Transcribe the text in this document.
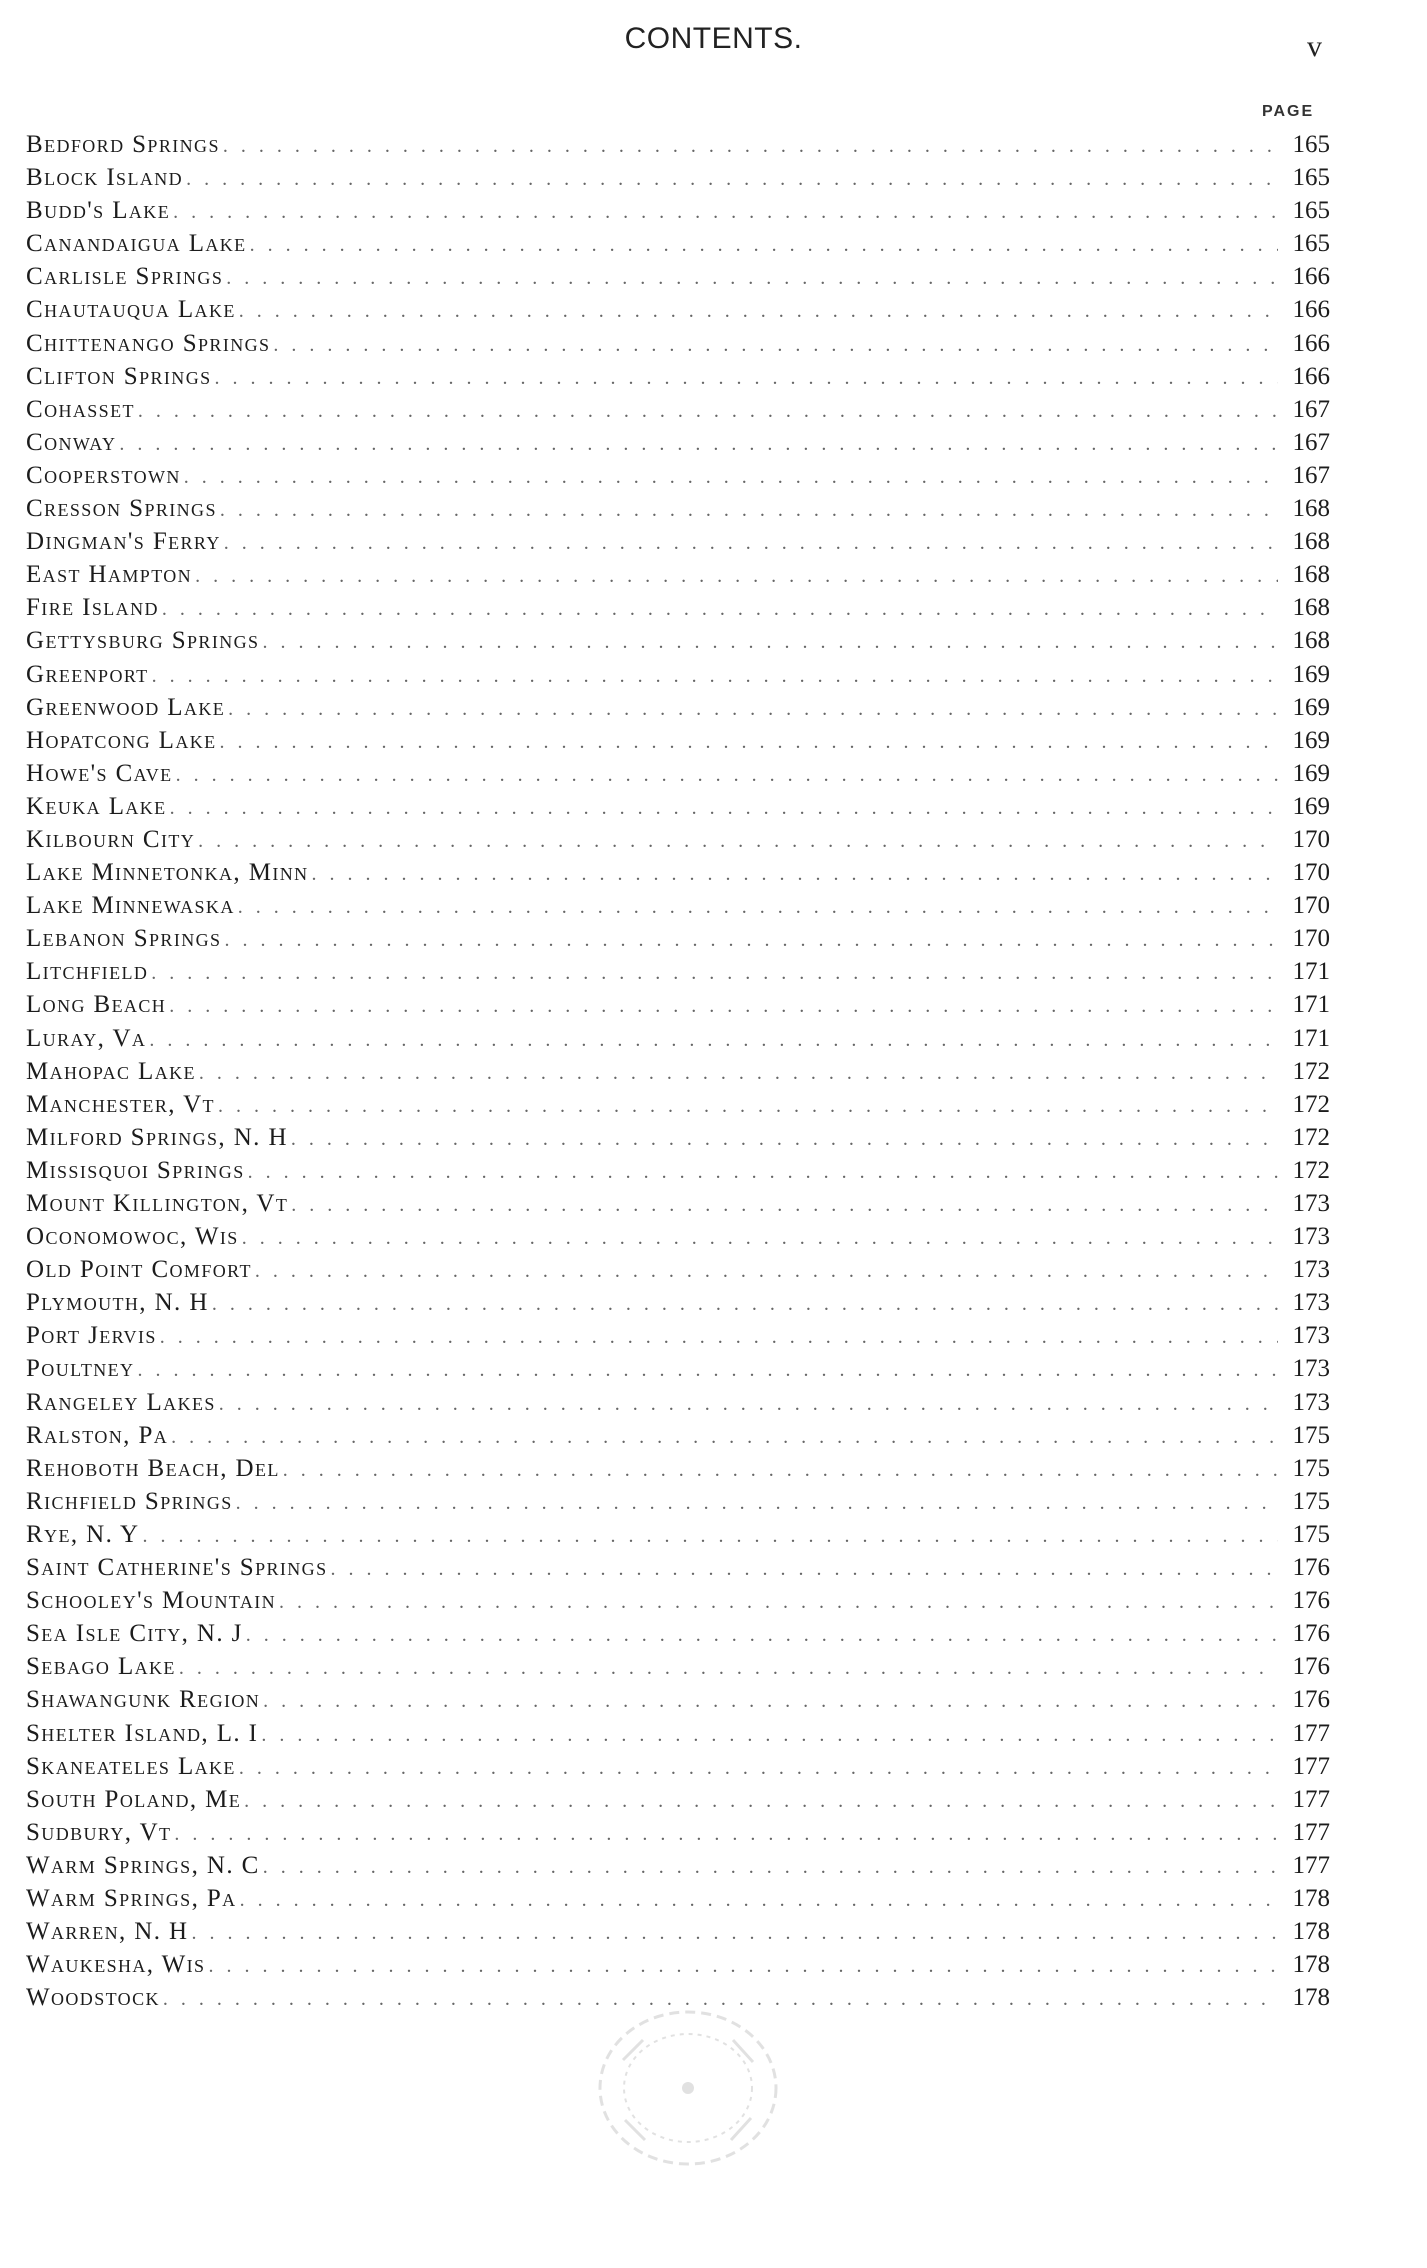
CONTENTS.	v
PAGE
Bedford Springs . . .	165
Block Island . . .	165
Budd's Lake . . .	165
Canandaigua Lake . . .	165
Carlisle Springs . . .	166
Chautauqua Lake . . .	166
Chittenango Springs . . .	166
Clifton Springs . . .	166
Cohasset . . .	167
Conway . . .	167
Cooperstown . . .	167
Cresson Springs . . .	168
Dingman's Ferry . . .	168
East Hampton . . .	168
Fire Island . . .	168
Gettysburg Springs . . .	168
Greenport . . .	169
Greenwood Lake . . .	169
Hopatcong Lake . . .	169
Howe's Cave . . .	169
Keuka Lake . . .	169
Kilbourn City . . .	170
Lake Minnetonka, Minn . . .	170
Lake Minnewaska . . .	170
Lebanon Springs . . .	170
Litchfield . . .	171
Long Beach . . .	171
Luray, Va . . .	171
Mahopac Lake . . .	172
Manchester, Vt . . .	172
Milford Springs, N. H . . .	172
Missisquoi Springs . . .	172
Mount Killington, Vt . . .	173
Oconomowoc, Wis . . .	173
Old Point Comfort . . .	173
Plymouth, N. H . . .	173
Port Jervis . . .	173
Poultney . . .	173
Rangeley Lakes . . .	173
Ralston, Pa . . .	175
Rehoboth Beach, Del . . .	175
Richfield Springs . . .	175
Rye, N. Y . . .	175
Saint Catherine's Springs . . .	176
Schooley's Mountain . . .	176
Sea Isle City, N. J . . .	176
Sebago Lake . . .	176
Shawangunk Region . . .	176
Shelter Island, L. I . . .	177
Skaneateles Lake . . .	177
South Poland, Me . . .	177
Sudbury, Vt . . .	177
Warm Springs, N. C . . .	177
Warm Springs, Pa . . .	178
Warren, N. H . . .	178
Waukesha, Wis . . .	178
Woodstock . . .	178
